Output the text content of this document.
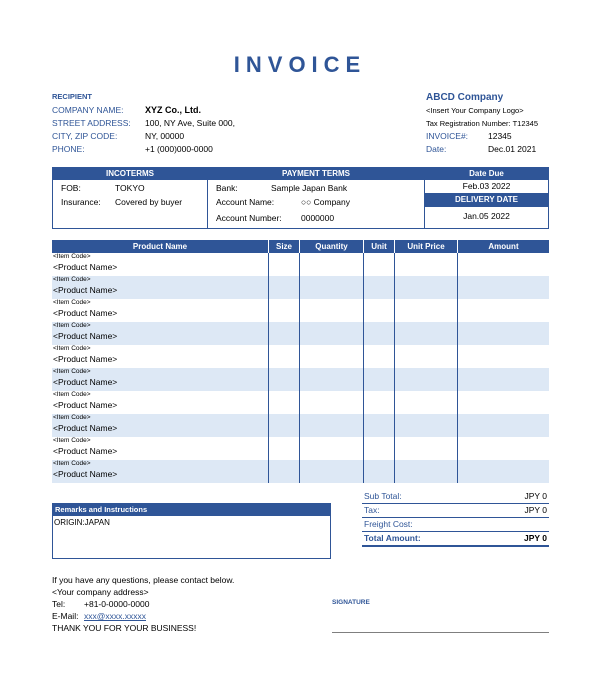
INVOICE
RECIPIENT
COMPANY NAME: XYZ Co., Ltd.
STREET ADDRESS: 100, NY Ave, Suite 000,
CITY, ZIP CODE:	NY, 00000
PHONE:	+1 (000)000-0000
ABCD Company
<Insert Your Company Logo>
Tax Registration Number: T12345
INVOICE#: 12345
Date:	Dec.01 2021
INCOTERMS
FOB:	TOKYO
Insurance: Covered by buyer
PAYMENT TERMS
Bank:	Sample Japan Bank
Account Name:	○○ Company
Account Number: 0000000
Date Due
Feb.03 2022
DELIVERY DATE
Jan.05 2022
Product Name	Size	Quantity	Unit	Unit Price	Amount

<Item Code>
<Product Name>					

<Item Code>
<Product Name>					

<Item Code>
<Product Name>					

<Item Code>
<Product Name>					

<Item Code>
<Product Name>					

<Item Code>
<Product Name>					

<Item Code>
<Product Name>					

<Item Code>
<Product Name>					

<Item Code>
<Product Name>					

<Item Code>
<Product Name>					

Remarks and Instructions
ORIGIN:JAPAN
Sub Total:	JPY 0
Tax:	JPY 0
Freight Cost:
Total Amount:	JPY 0
If you have any questions, please contact below.
<Your company address>
Tel: +81-0-0000-0000
E-Mail: xxx@xxxx.xxxxx
THANK YOU FOR YOUR BUSINESS!
SIGNATURE
